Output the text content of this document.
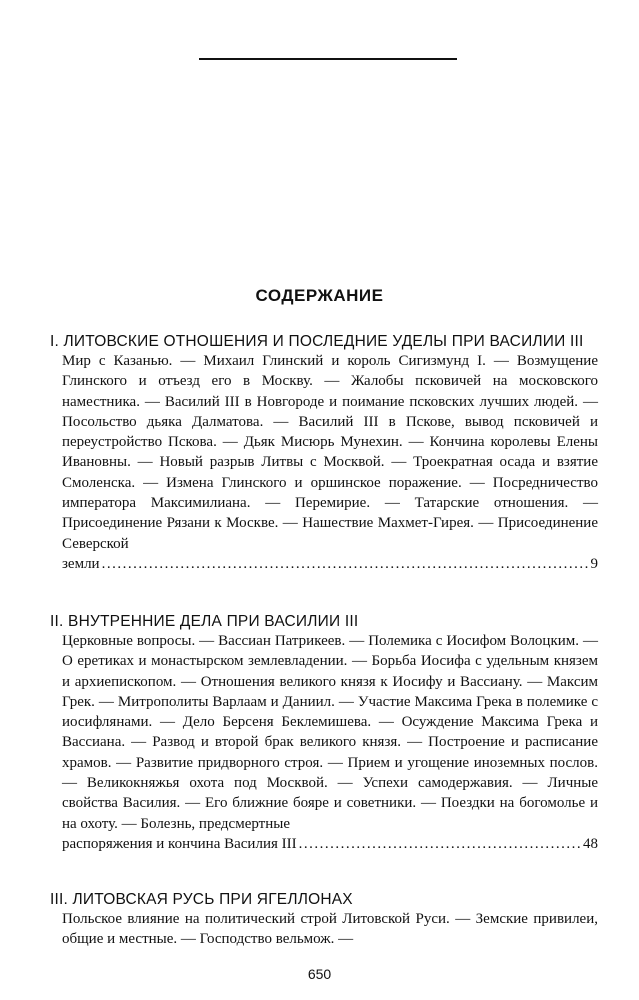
СОДЕРЖАНИЕ
I. ЛИТОВСКИЕ ОТНОШЕНИЯ И ПОСЛЕДНИЕ УДЕЛЫ ПРИ ВАСИЛИИ III
Мир с Казанью. — Михаил Глинский и король Сигизмунд I. — Возмущение Глинского и отъезд его в Москву. — Жалобы псковичей на московского наместника. — Василий III в Новгороде и поимание псковских лучших людей. — Посольство дьяка Далматова. — Василий III в Пскове, вывод псковичей и переустройство Пскова. — Дьяк Мисюрь Мунехин. — Кончина королевы Елены Ивановны. — Новый разрыв Литвы с Москвой. — Троекратная осада и взятие Смоленска. — Измена Глинского и оршинское поражение. — Посредничество императора Максимилиана. — Перемирие. — Татарские отношения. — Присоединение Рязани к Москве. — Нашествие Махмет-Гирея. — Присоединение Северской
земли .....	9
II. ВНУТРЕННИЕ ДЕЛА ПРИ ВАСИЛИИ III
Церковные вопросы. — Вассиан Патрикеев. — Полемика с Иосифом Волоцким. — О еретиках и монастырском землевладении. — Борьба Иосифа с удельным князем и архиепископом. — Отношения великого князя к Иосифу и Вассиану. — Максим Грек. — Митрополиты Варлаам и Даниил. — Участие Максима Грека в полемике с иосифлянами. — Дело Берсеня Беклемишева. — Осуждение Максима Грека и Вассиана. — Развод и второй брак великого князя. — Построение и расписание храмов. — Развитие придворного строя. — Прием и угощение иноземных послов. — Великокняжья охота под Москвой. — Успехи самодержавия. — Личные свойства Василия. — Его ближние бояре и советники. — Поездки на богомолье и на охоту. — Болезнь, предсмертные
распоряжения и кончина Василия III .....	48
III. ЛИТОВСКАЯ РУСЬ ПРИ ЯГЕЛЛОНАХ
Польское влияние на политический строй Литовской Руси. — Земские привилеи, общие и местные. — Господство вельмож. —
650
